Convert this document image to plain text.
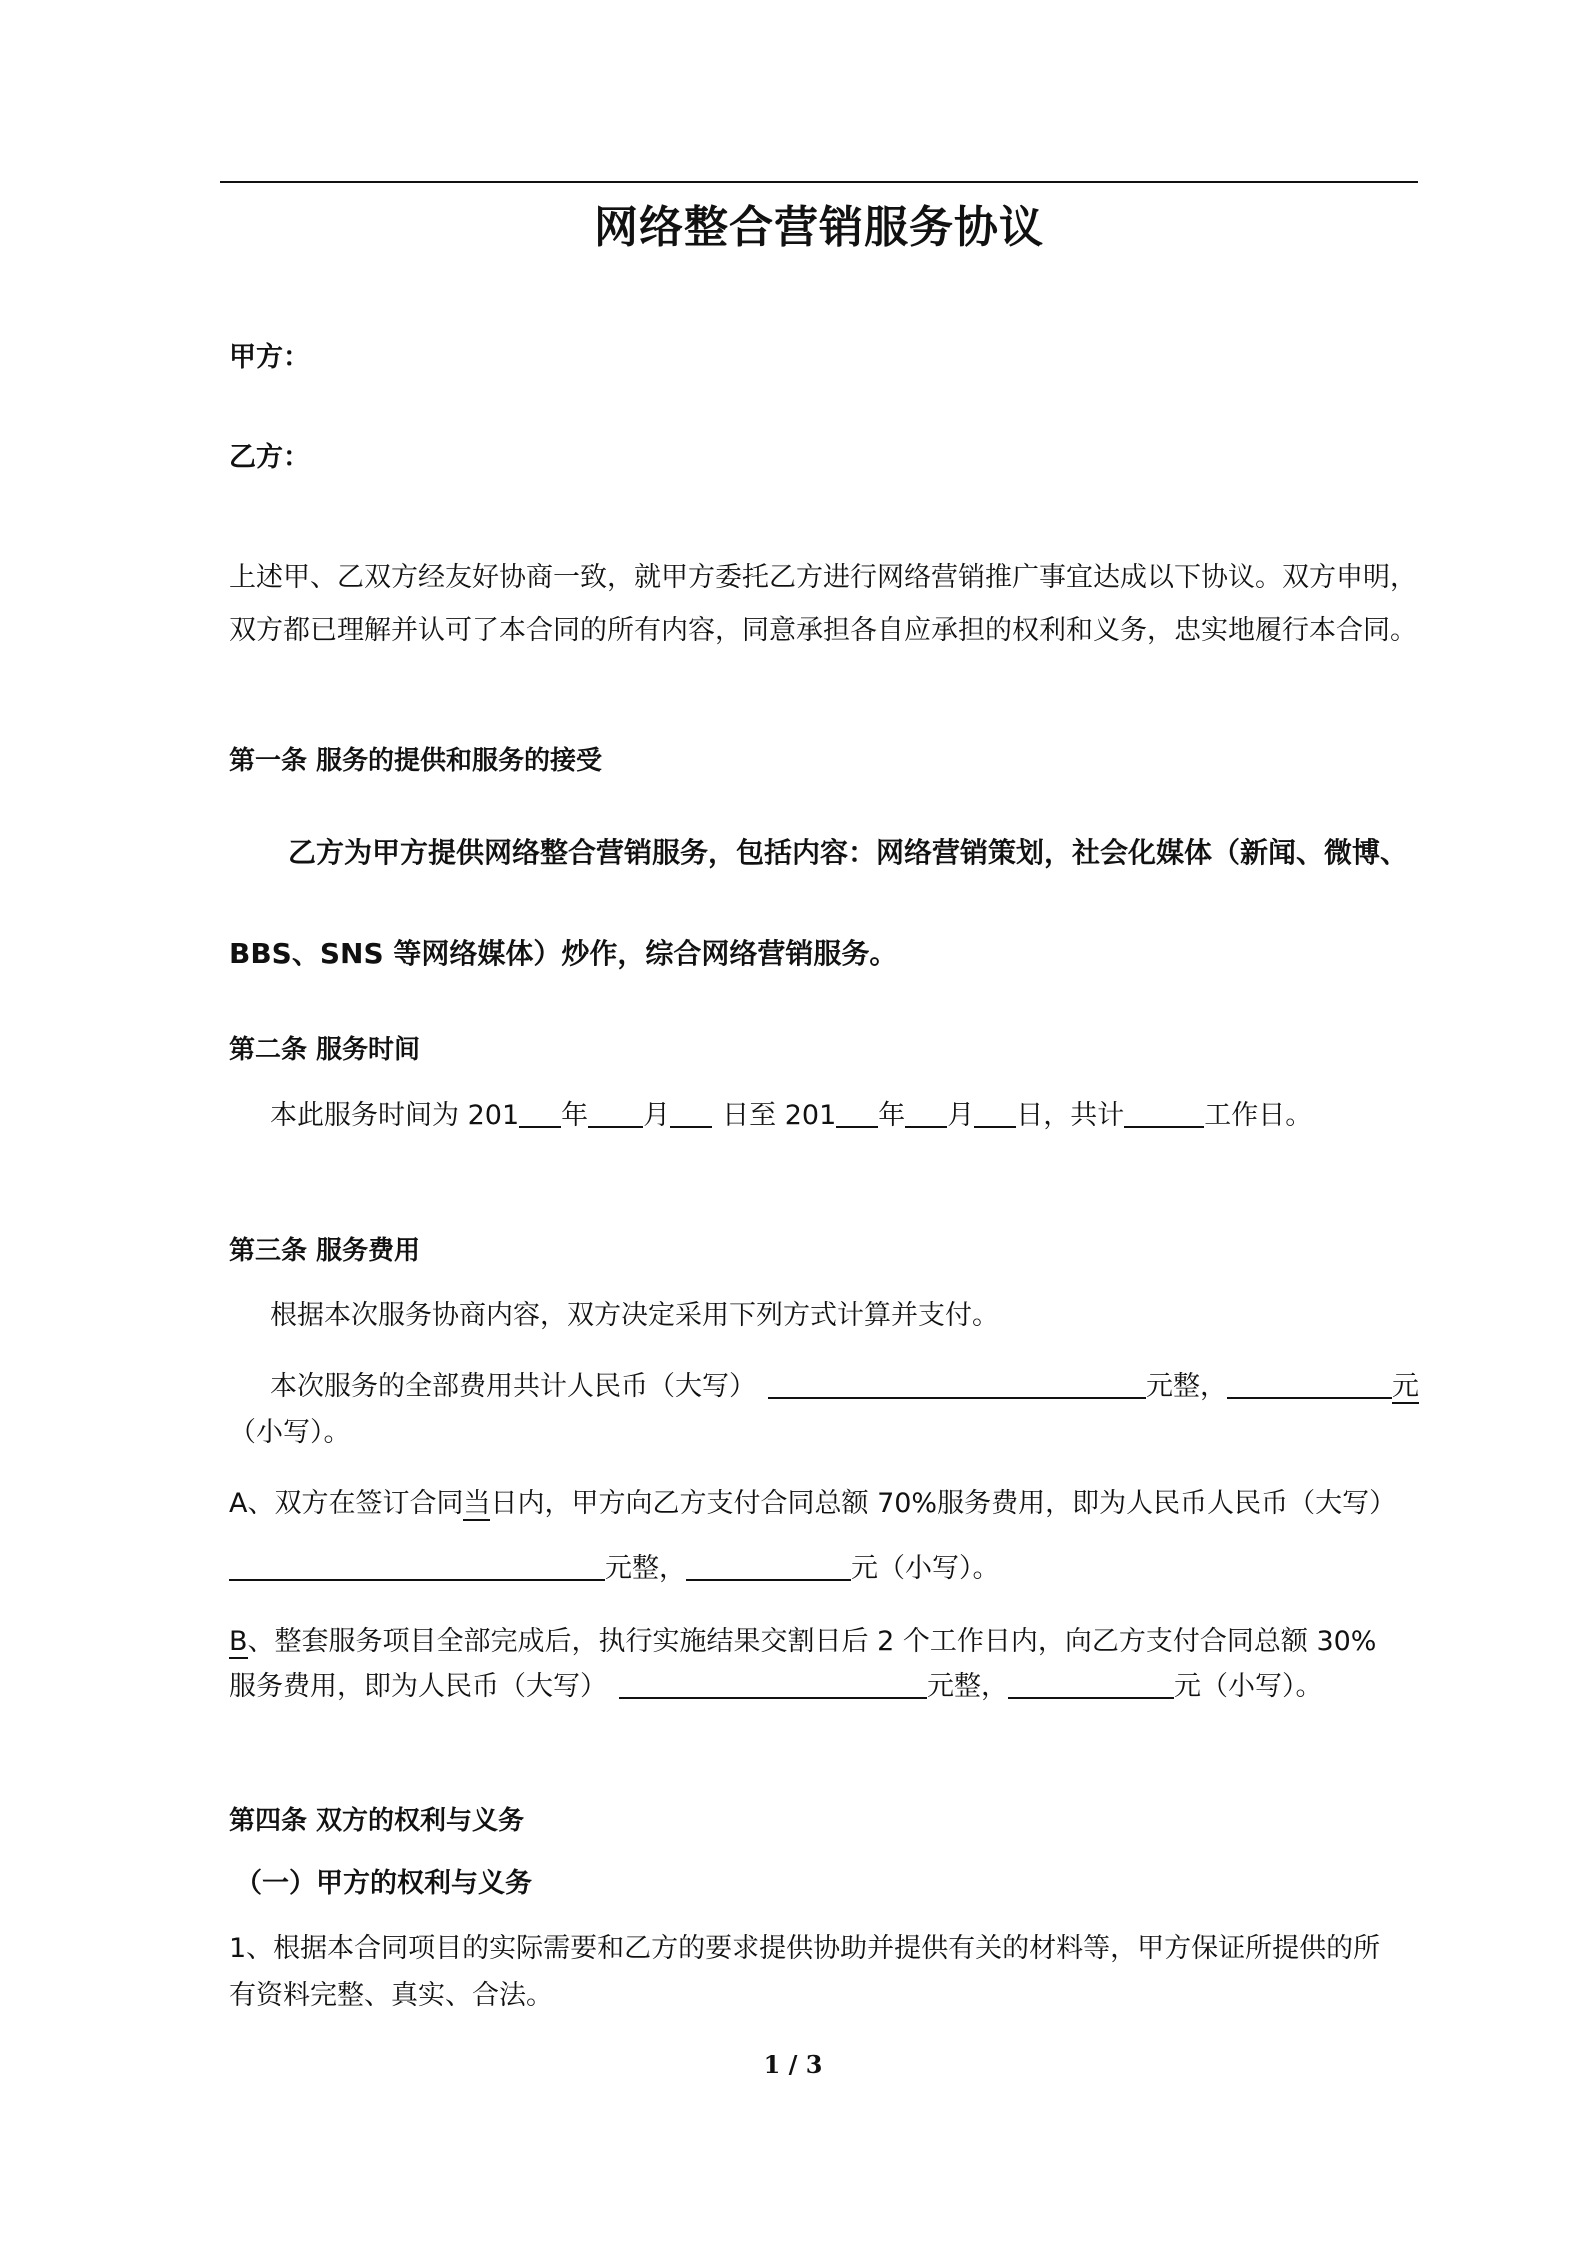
网络整合营销服务协议
甲方：
乙方：
上述甲、乙双方经友好协商一致，就甲方委托乙方进行网络营销推广事宜达成以下协议。双方申明，双方都已理解并认可了本合同的所有内容，同意承担各自应承担的权利和义务，忠实地履行本合同。
第一条 服务的提供和服务的接受
乙方为甲方提供网络整合营销服务，包括内容：网络营销策划，社会化媒体（新闻、微博、
BBS、SNS 等网络媒体）炒作，综合网络营销服务。
第二条 服务时间
本此服务时间为 201 年 月 日至 201 年 月 日，共计	工作日。
第三条 服务费用
根据本次服务协商内容，双方决定采用下列方式计算并支付。
本次服务的全部费用共计人民币（大写）	元整，	元
（小写）。
A、双方在签订合同当日内，甲方向乙方支付合同总额 70%服务费用，即为人民币人民币（大写）
元整，	元（小写）。
B、整套服务项目全部完成后，执行实施结果交割日后 2 个工作日内，向乙方支付合同总额 30%
服务费用，即为人民币（大写）	元整，	元（小写）。
第四条 双方的权利与义务
（一）甲方的权利与义务
1、根据本合同项目的实际需要和乙方的要求提供协助并提供有关的材料等，甲方保证所提供的所
有资料完整、真实、合法。
1 / 3
